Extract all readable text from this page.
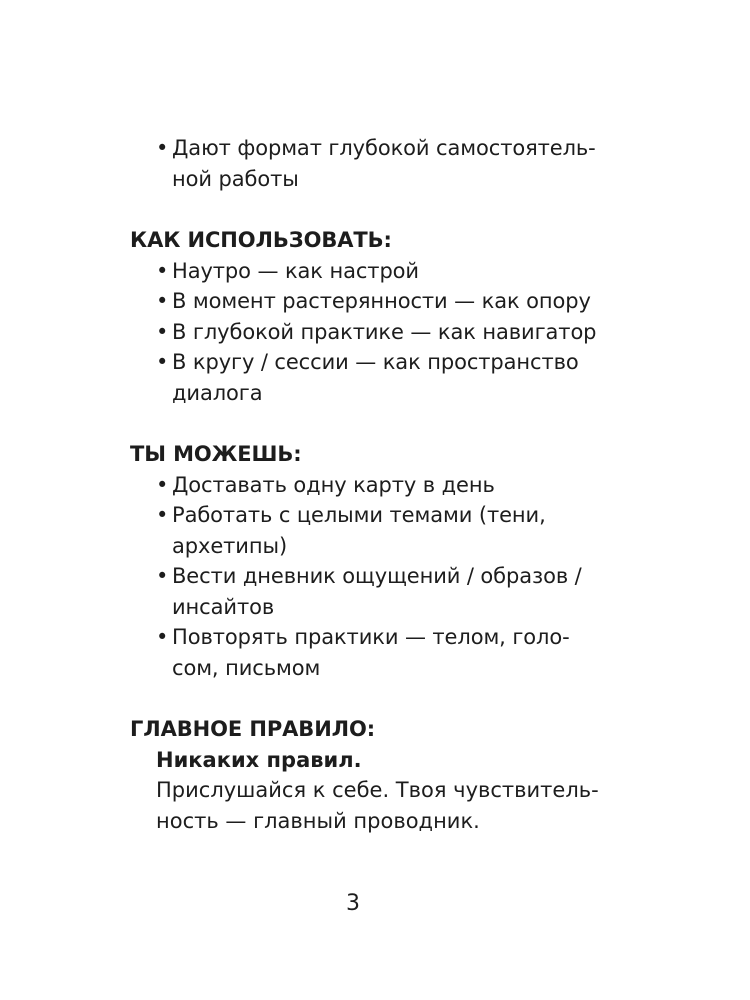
• Дают формат глубокой самостоятель-
ной работы
КАК ИСПОЛЬЗОВАТЬ:
• Наутро — как настрой
• В момент растерянности — как опору
• В глубокой практике — как навигатор
• В кругу / сессии — как пространство
диалога
ТЫ МОЖЕШЬ:
• Доставать одну карту в день
• Работать с целыми темами (тени,
архетипы)
• Вести дневник ощущений / образов /
инсайтов
• Повторять практики — телом, голо-
сом, письмом
ГЛАВНОЕ ПРАВИЛО:
Никаких правил.
Прислушайся к себе. Твоя чувствитель-
ность — главный проводник.
3
